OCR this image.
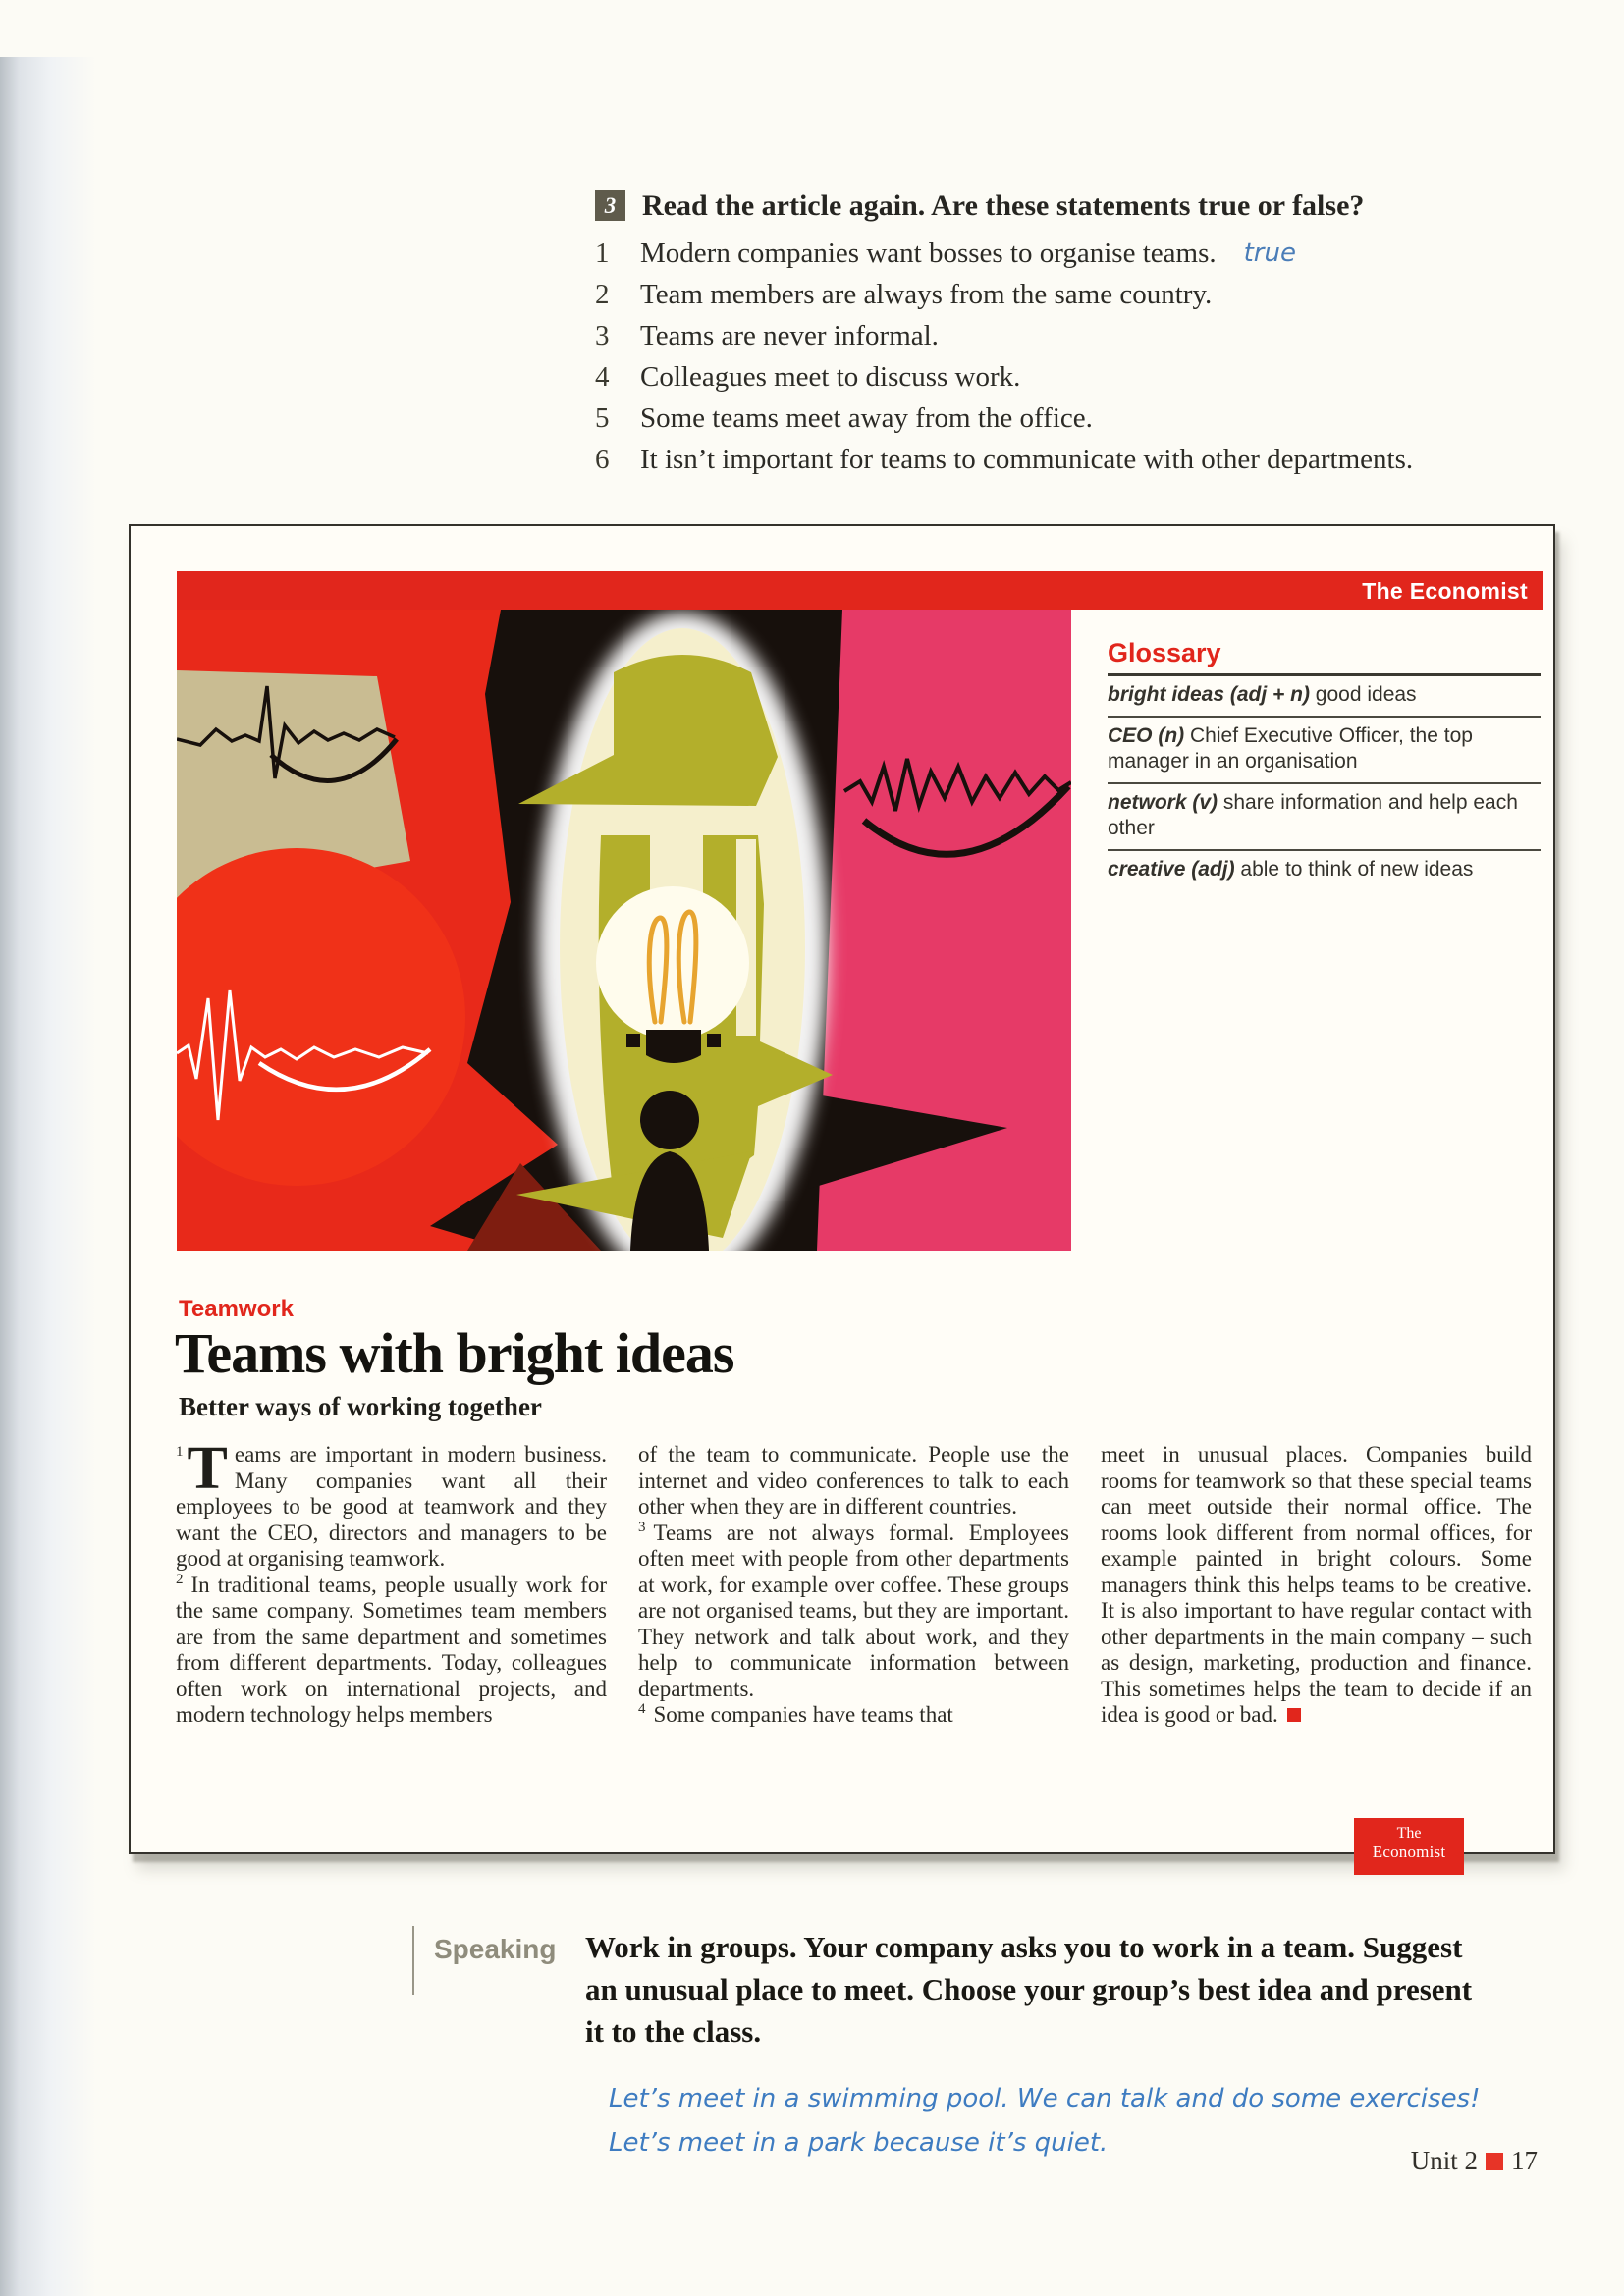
3 Read the article again. Are these statements true or false?
1	Modern companies want bosses to organise teams. true
2	Team members are always from the same country.
3	Teams are never informal.
4	Colleagues meet to discuss work.
5	Some teams meet away from the office.
6	It isn’t important for teams to communicate with other departments.
The Economist
Glossary
bright ideas (adj + n) good ideas
CEO (n) Chief Executive Officer, the top manager in an organisation
network (v) share information and help each other
creative (adj) able to think of new ideas
Teamwork
Teams with bright ideas
Better ways of working together

1 T eams are important in modern business. Many companies want all their employees to be good at teamwork and they want the CEO, directors and managers to be good at organising teamwork.

2 In traditional teams, people usually work for the same company. Sometimes team members are from the same department and sometimes from different departments. Today, colleagues often work on international projects, and modern technology helps members

of the team to communicate. People use the internet and video conferences to talk to each other when they are in different countries.

3 Teams are not always formal. Employees often meet with people from other departments at work, for example over coffee. These groups are not organised teams, but they are important. They network and talk about work, and they help to communicate information between departments.

4 Some companies have teams that

meet in unusual places. Companies build rooms for teamwork so that these special teams can meet outside their normal office. The rooms look different from normal offices, for example painted in bright colours. Some managers think this helps teams to be creative. It is also important to have regular contact with other departments in the main company – such as design, marketing, production and finance. This sometimes helps the team to decide if an idea is good or bad.

The
Economist
Speaking Work in groups. Your company asks you to work in a team. Suggest
an unusual place to meet. Choose your group’s best idea and present
it to the class.
Let’s meet in a swimming pool. We can talk and do some exercises!
Let’s meet in a park because it’s quiet.
Unit 2 17
